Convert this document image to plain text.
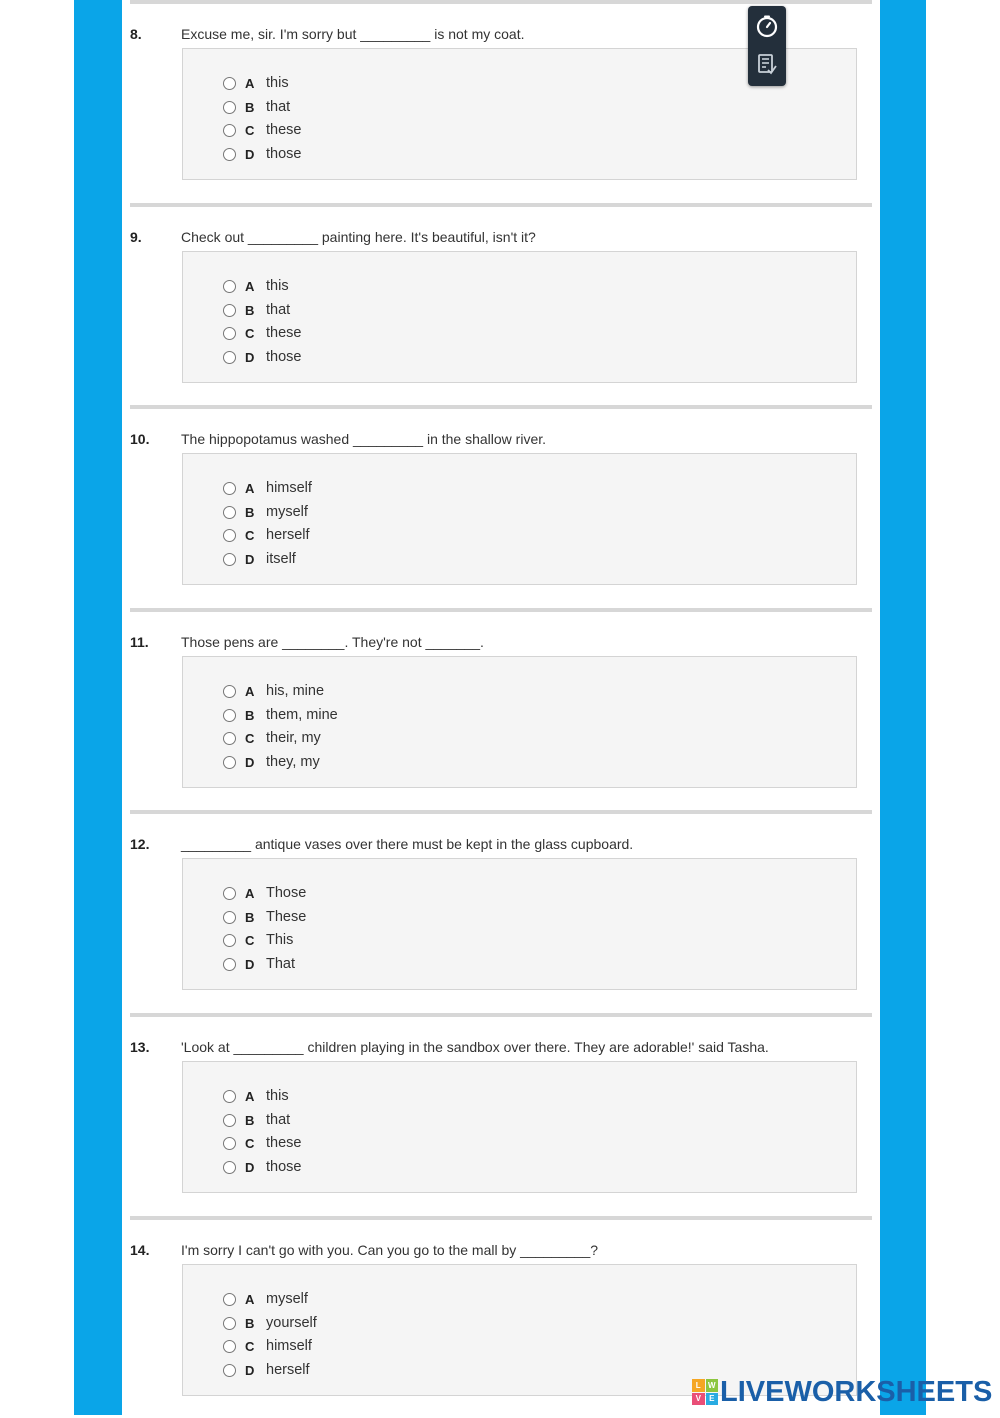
8.	Excuse me, sir. I'm sorry but _________ is not my coat.
A this
B that
C these
D those
9.	Check out _________ painting here. It's beautiful, isn't it?
A this
B that
C these
D those
10. The hippopotamus washed _________ in the shallow river.
A himself
B myself
C herself
D itself
11. Those pens are ________. They're not _______.
A his, mine
B them, mine
C their, my
D they, my
12. _________ antique vases over there must be kept in the glass cupboard.
A Those
B These
C This
D That
13. 'Look at _________ children playing in the sandbox over there. They are adorable!' said Tasha.
A this
B that
C these
D those
14. I'm sorry I can't go with you. Can you go to the mall by _________?
A myself
B yourself
C himself
D herself
L W
V	E LIVEWORKSHEETS
